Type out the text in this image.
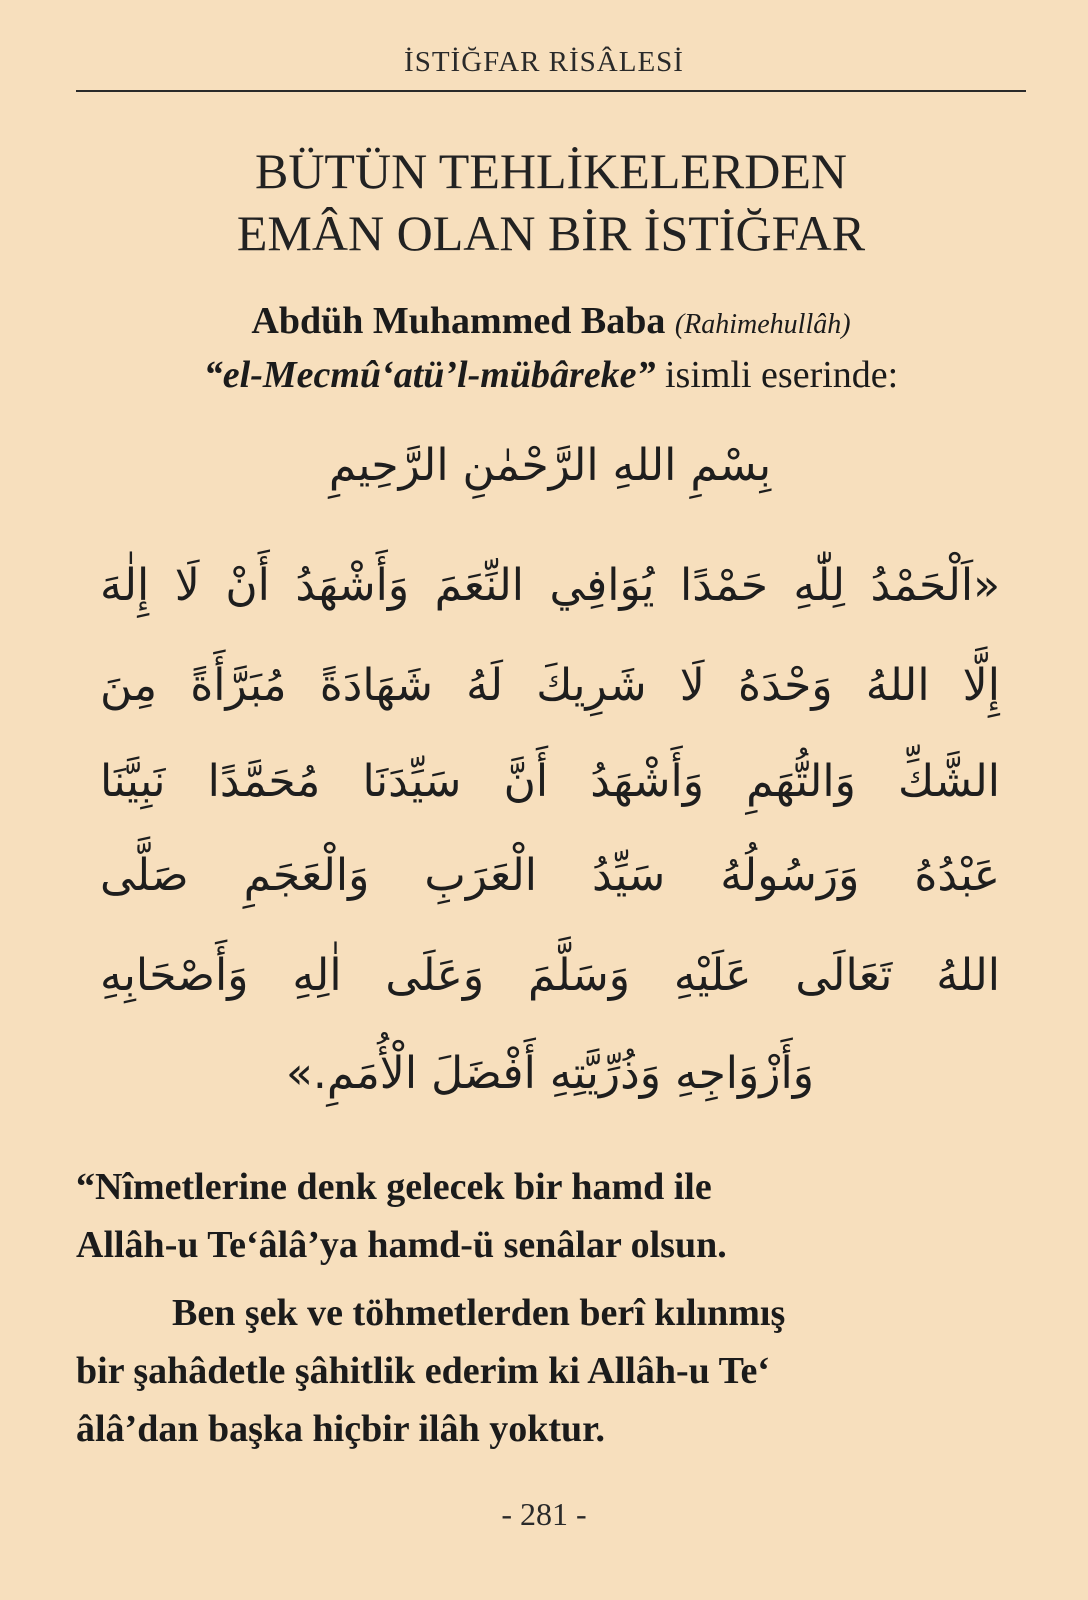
İSTİĞFAR RİSÂLESİ
BÜTÜN TEHLİKELERDEN
EMÂN OLAN BİR İSTİĞFAR
Abdüh Muhammed Baba (Rahimehullâh)
“el-Mecmû‘atü’l-mübâreke” isimli eserinde:
بِسْمِ اللهِ الرَّحْمٰنِ الرَّحِيمِ
«اَلْحَمْدُ لِلّٰهِ حَمْدًا يُوَافِي النِّعَمَ وَأَشْهَدُ أَنْ لَا إِلٰهَ
إِلَّا اللهُ وَحْدَهُ لَا شَرِيكَ لَهُ شَهَادَةً مُبَرَّأَةً مِنَ
الشَّكِّ وَالتُّهَمِ وَأَشْهَدُ أَنَّ سَيِّدَنَا مُحَمَّدًا نَبِيَّنَا
عَبْدُهُ وَرَسُولُهُ سَيِّدُ الْعَرَبِ وَالْعَجَمِ صَلَّى
اللهُ تَعَالَى عَلَيْهِ وَسَلَّمَ وَعَلَى اٰلِهِ وَأَصْحَابِهِ
وَأَزْوَاجِهِ وَذُرِّيَّتِهِ أَفْضَلَ الْأُمَمِ.»

“Nîmetlerine denk gelecek bir hamd ile
Allâh-u Te‘âlâ’ya hamd-ü senâlar olsun.

Ben şek ve töhmetlerden berî kılınmış
bir şahâdetle şâhitlik ederim ki Allâh-u Te‘
âlâ’dan başka hiçbir ilâh yoktur.

- 281 -
